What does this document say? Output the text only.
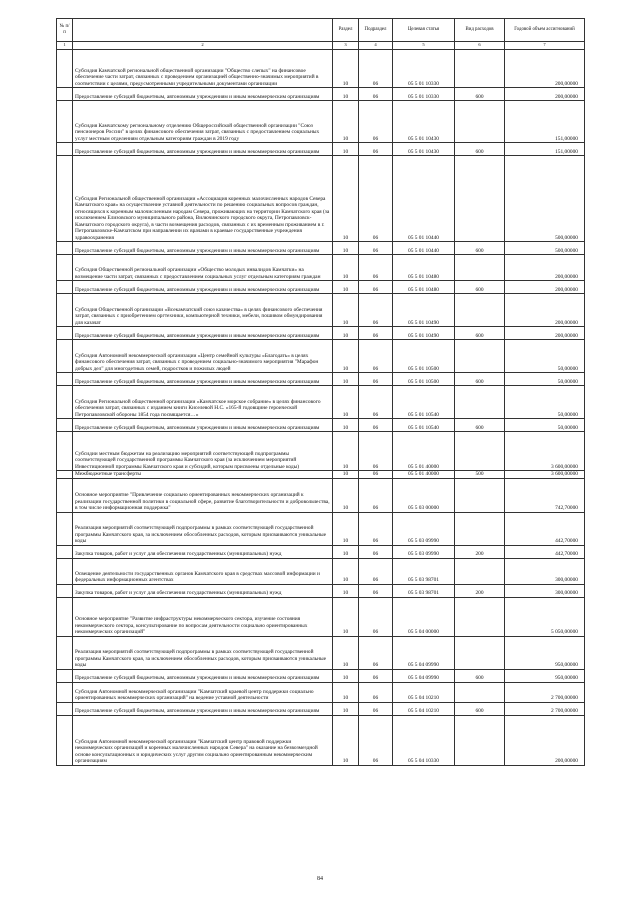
№ п/п		Раздел	Подраздел	Целевая статья	Вид расходов	Годовой объем ассигнований
1	2	3	4	5	6	7
	Субсидия Камчатской региональной общественной организации "Общество слепых" на финансовое обеспечение части затрат, связанных с проведением организацией общественно-значимых мероприятий в соответствии с целями, предусмотренными учредительными документами организации	10	06	05 5 01 10330		200,00000
	Предоставление субсидий бюджетным, автономным учреждениям и иным некоммерческим организациям	10	06	05 5 01 10330	600	200,00000
	Субсидия Камчатскому региональному отделению Общероссийской общественной организации "Союз пенсионеров России" в целях финансового обеспечения затрат, связанных с предоставлением социальных услуг местным отделениям отдельным категориям граждан в 2019 году	10	06	05 5 01 10430		151,00000
	Предоставление субсидий бюджетным, автономным учреждениям и иным некоммерческим организациям	10	06	05 5 01 10430	600	151,00000
	Субсидия Региональной общественной организации «Ассоциация коренных малочисленных народов Севера Камчатского края» на осуществление уставной деятельности по решению социальных вопросов граждан, относящихся к коренным малочисленным народам Севера, проживающих на территории Камчатского края (за исключением Елизовского муниципального района, Вилючинского городского округа, Петропавловск-Камчатского городского округа), в части возмещения расходов, связанных с их временным проживанием в г. Петропавловске-Камчатском при направлении их врачами в краевые государственные учреждения здравоохранения	10	06	05 5 01 10440		500,00000
	Предоставление субсидий бюджетным, автономным учреждениям и иным некоммерческим организациям	10	06	05 5 01 10440	600	500,00000
	Субсидия Общественной региональной организации «Общество молодых инвалидов Камчатки» на возмещение части затрат, связанных с предоставлением социальных услуг отдельным категориям граждан	10	06	05 5 01 10480		200,00000
	Предоставление субсидий бюджетным, автономным учреждениям и иным некоммерческим организациям	10	06	05 5 01 10480	600	200,00000
	Субсидия Общественной организации «Всекамчатский союз казачества» в целях финансового обеспечения затрат, связанных с приобретением оргтехники, компьютерной техники, мебели, пошивом обмундирования для казачат	10	06	05 5 01 10490		200,00000
	Предоставление субсидий бюджетным, автономным учреждениям и иным некоммерческим организациям	10	06	05 5 01 10490	600	200,00000
	Субсидия Автономной некоммерческой организации «Центр семейной культуры «Благодать» в целях финансового обеспечения затрат, связанных с проведением социально-значимого мероприятия "Марафон добрых дел" для многодетных семей, подростков и пожилых людей	10	06	05 5 01 10500		50,00000
	Предоставление субсидий бюджетным, автономным учреждениям и иным некоммерческим организациям	10	06	05 5 01 10500	600	50,00000
	Субсидия Региональной общественной организации «Камчатское морское собрание» в целях финансового обеспечения затрат, связанных с изданием книги Киселевой Н.С. «165-й годовщине героической Петропавловской обороны 1854 года посвящается…»	10	06	05 5 01 10540		50,00000
	Предоставление субсидий бюджетным, автономным учреждениям и иным некоммерческим организациям	10	06	05 5 01 10540	600	50,00000
	Субсидии местным бюджетам на реализацию мероприятий соответствующей подпрограммы соответствующей государственной программы Камчатского края (за исключением мероприятий Инвестиционной программы Камчатского края и субсидий, которым присвоены отдельные коды)	10	06	05 5 01 40000		3 600,00000
	Межбюджетные трансферты	10	06	05 5 01 40000	500	3 600,00000
	Основное мероприятие "Привлечение социально ориентированных некоммерческих организаций к реализации государственной политики в социальной сфере, развитие благотворительности и добровольчества, в том числе информационная поддержка"	10	06	05 5 03 00000		742,70000
	Реализация мероприятий соответствующей подпрограммы в рамках соответствующей государственной программы Камчатского края, за исключением обособленных расходов, которым присваиваются уникальные коды	10	06	05 5 03 09990		442,70000
	Закупка товаров, работ и услуг для обеспечения государственных (муниципальных) нужд	10	06	05 5 03 09990	200	442,70000
	Освещение деятельности государственных органов Камчатского края в средствах массовой информации и федеральных информационных агентствах	10	06	05 5 03 98701		300,00000
	Закупка товаров, работ и услуг для обеспечения государственных (муниципальных) нужд	10	06	05 5 03 98701	200	300,00000
	Основное мероприятие "Развитие инфраструктуры некоммерческого сектора, изучение состояния некоммерческого сектора, консультирование по вопросам деятельности социально ориентированных некоммерческих организаций"	10	06	05 5 04 00000		5 050,00000
	Реализация мероприятий соответствующей подпрограммы в рамках соответствующей государственной программы Камчатского края, за исключением обособленных расходов, которым присваиваются уникальные коды	10	06	05 5 04 09990		950,00000
	Предоставление субсидий бюджетным, автономным учреждениям и иным некоммерческим организациям	10	06	05 5 04 09990	600	950,00000
	Субсидия Автономной некоммерческой организации "Камчатский краевой центр поддержки социально ориентированных некоммерческих организаций" на ведение уставной деятельности	10	06	05 5 04 10210		2 700,00000
	Предоставление субсидий бюджетным, автономным учреждениям и иным некоммерческим организациям	10	06	05 5 04 10210	600	2 700,00000
	Субсидия Автономной некоммерческой организации "Камчатский центр правовой поддержки некоммерческих организаций и коренных малочисленных народов Севера" на оказание на безвозмездной основе консультационных и юридических услуг другим социально ориентированным некоммерческим организациям	10	06	05 5 04 10330		200,00000
84
